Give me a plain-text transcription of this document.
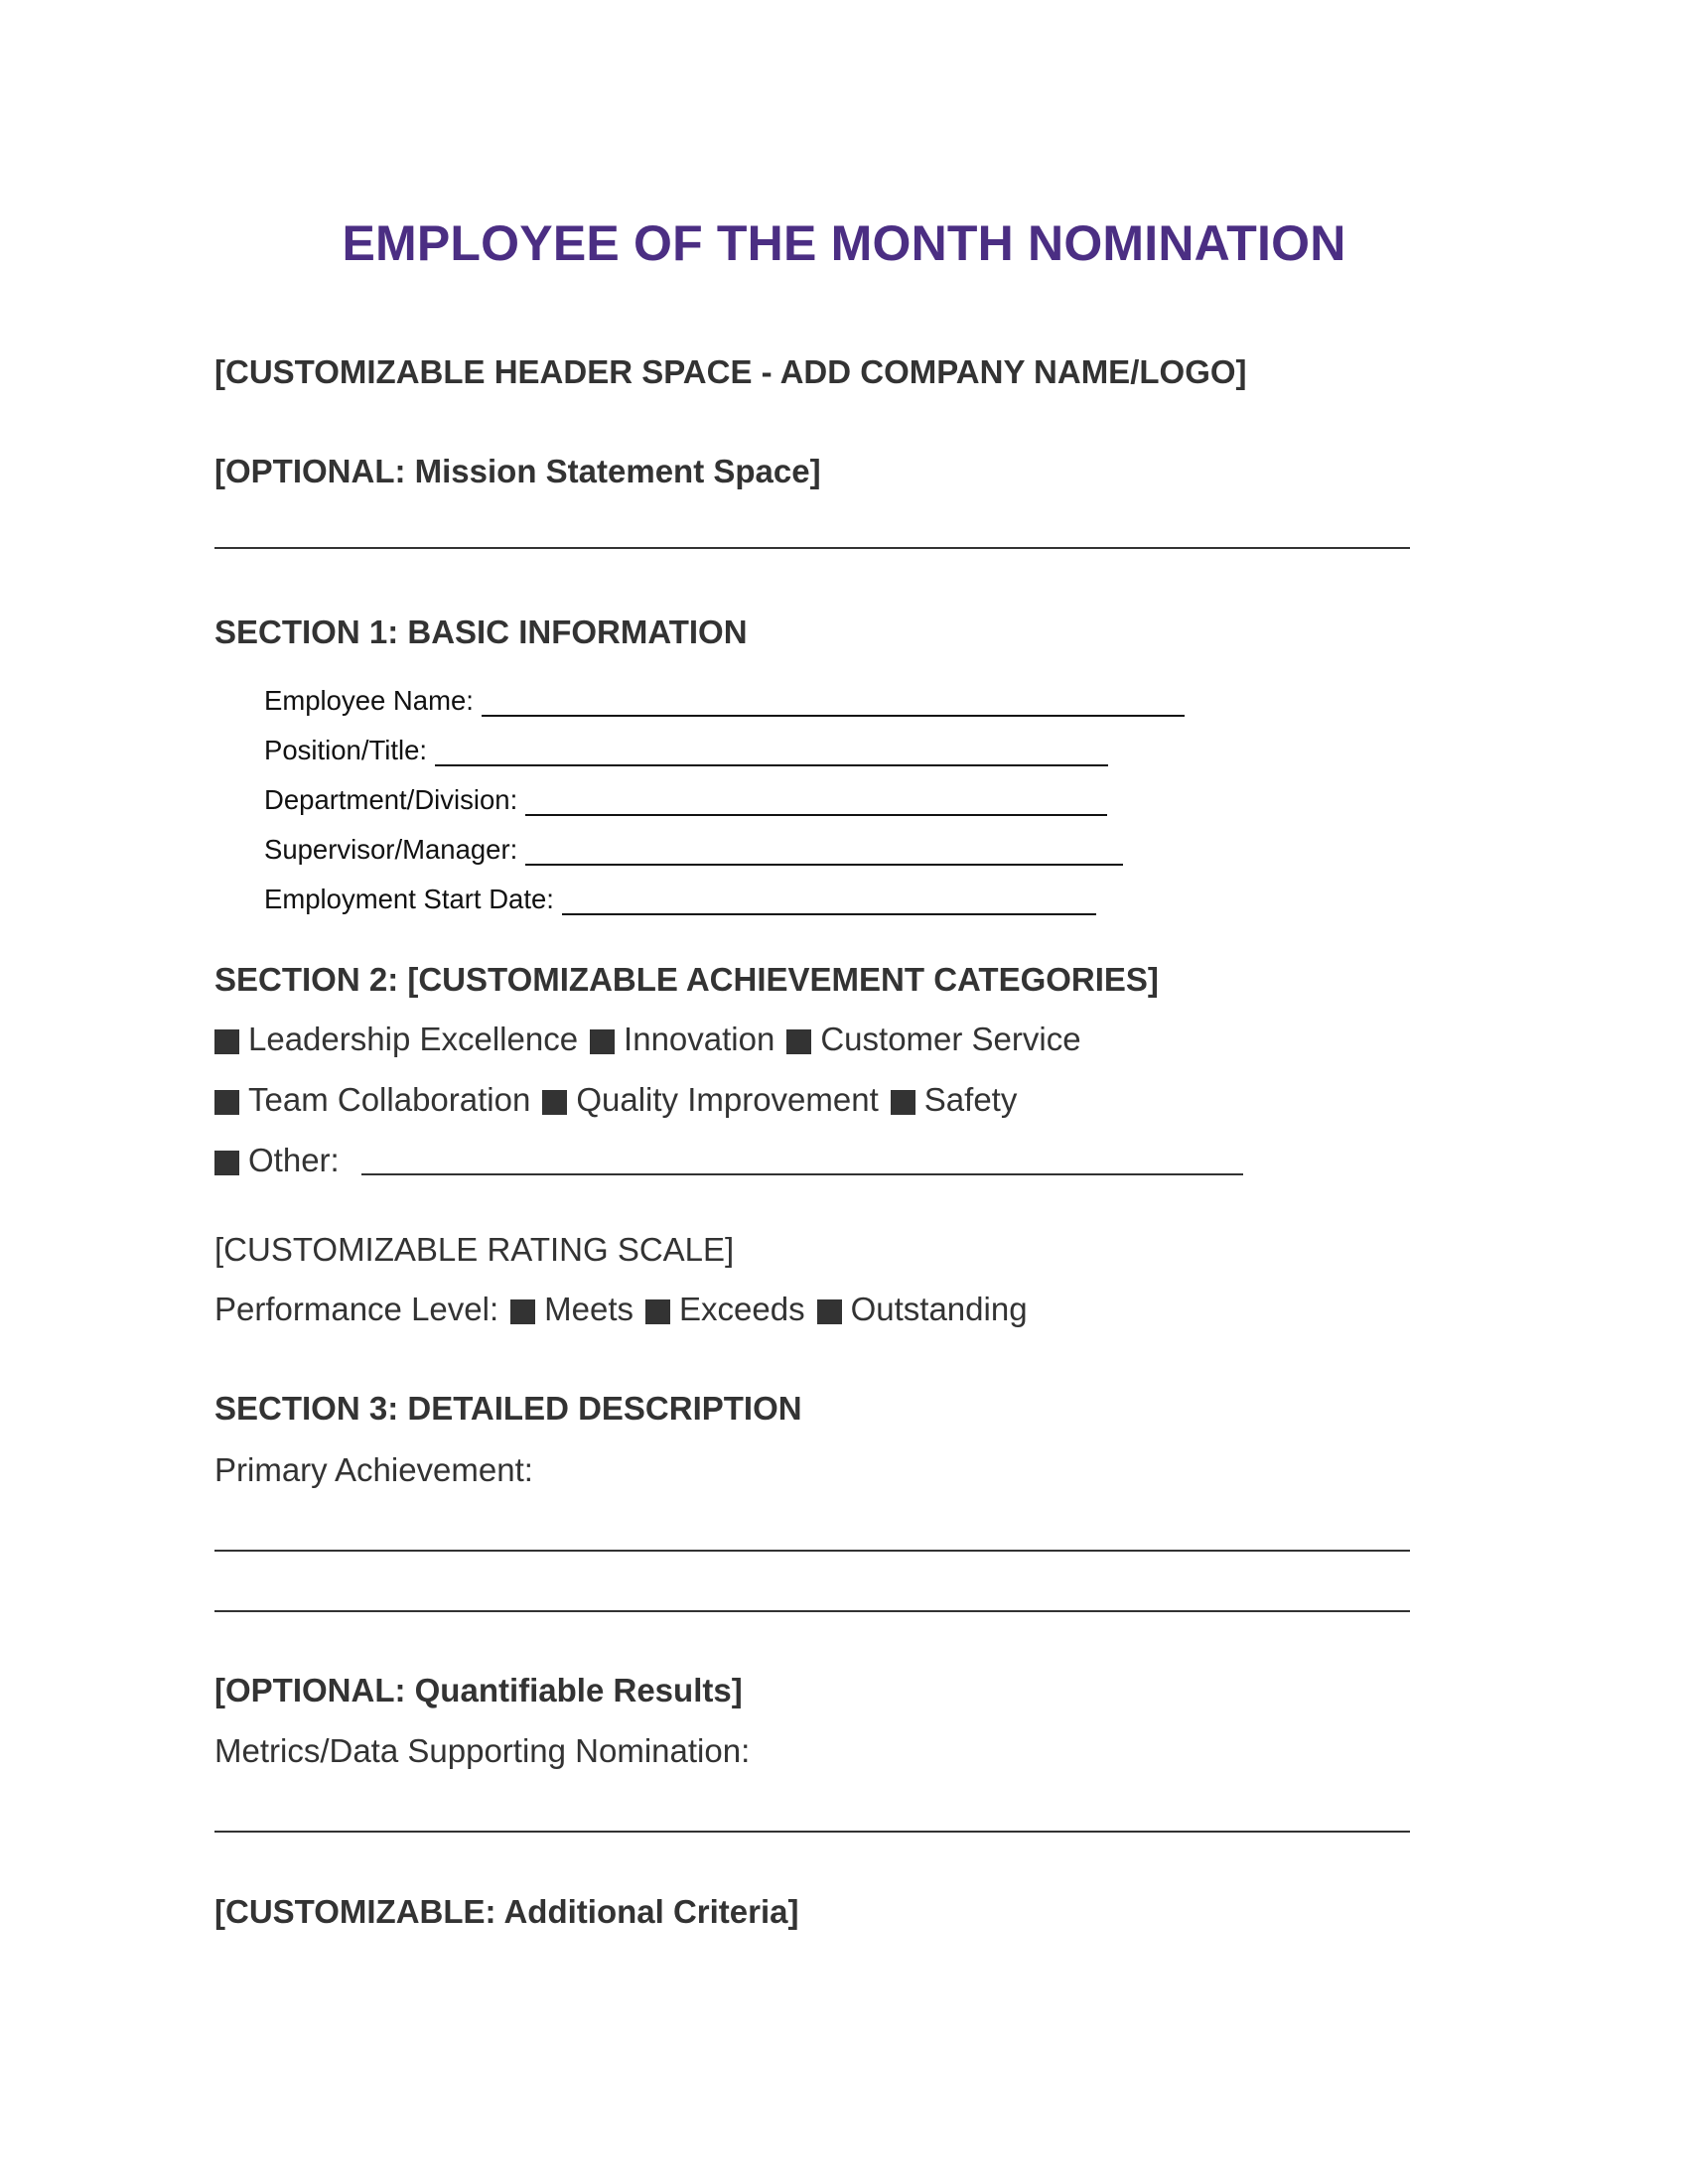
EMPLOYEE OF THE MONTH NOMINATION
[CUSTOMIZABLE HEADER SPACE - ADD COMPANY NAME/LOGO]
[OPTIONAL: Mission Statement Space]
SECTION 1: BASIC INFORMATION
Employee Name:
Position/Title:
Department/Division:
Supervisor/Manager:
Employment Start Date:
SECTION 2: [CUSTOMIZABLE ACHIEVEMENT CATEGORIES]
Leadership Excellence Innovation Customer Service
Team Collaboration Quality Improvement Safety
Other:
[CUSTOMIZABLE RATING SCALE]
Performance Level: Meets Exceeds Outstanding
SECTION 3: DETAILED DESCRIPTION
Primary Achievement:
[OPTIONAL: Quantifiable Results]
Metrics/Data Supporting Nomination:
[CUSTOMIZABLE: Additional Criteria]
